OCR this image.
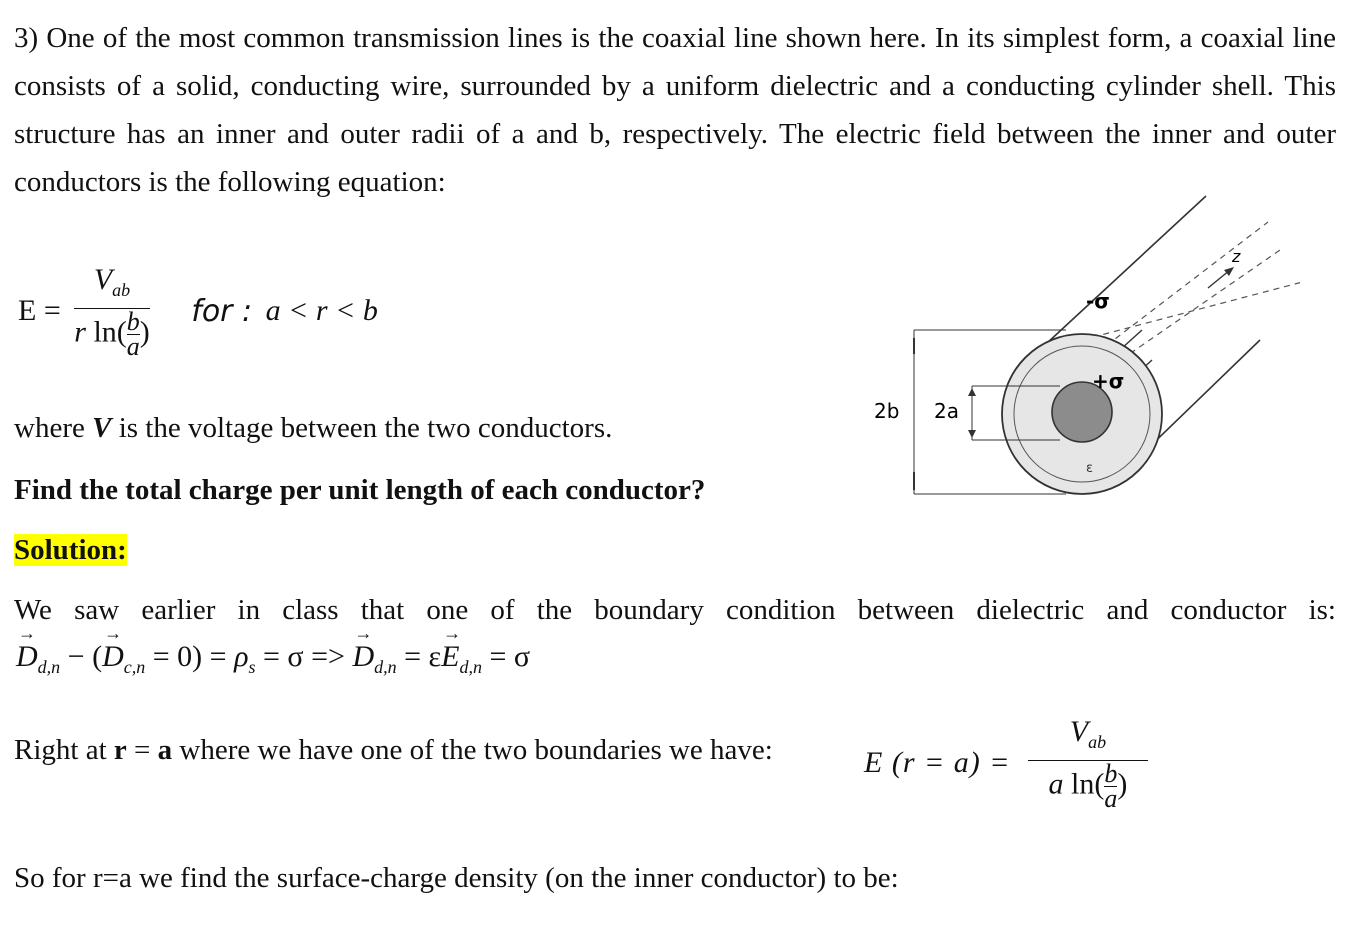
3) One of the most common transmission lines is the coaxial line shown here. In its simplest form, a coaxial line consists of a solid, conducting wire, surrounded by a uniform dielectric and a conducting cylinder shell. This structure has an inner and outer radii of a and b, respectively. The electric field between the inner and outer conductors is the following equation:

$E = \frac{V_{ab}}{r \ln(\frac{b}{a})}$ for : a < r < b

where V is the voltage between the two conductors.

Find the total charge per unit length of each conductor?

Solution:

We saw earlier in class that one of the boundary condition between dielectric and conductor is:

→ $D_{d,n}$ − (→ $D_{c,n} = 0) = \rho_s = \sigma$ => → $D_{d,n} = \varepsilon\to E_{d,n} = \sigma$

Right at r = a where we have one of the two boundaries we have:	E $(r = a) = \frac{V_{ab}}{a \ln(\frac{b}{a})}$

So for r=a we find the surface-charge density (on the inner conductor) to be:

z
2b 2a
-σ
+σ
ε
